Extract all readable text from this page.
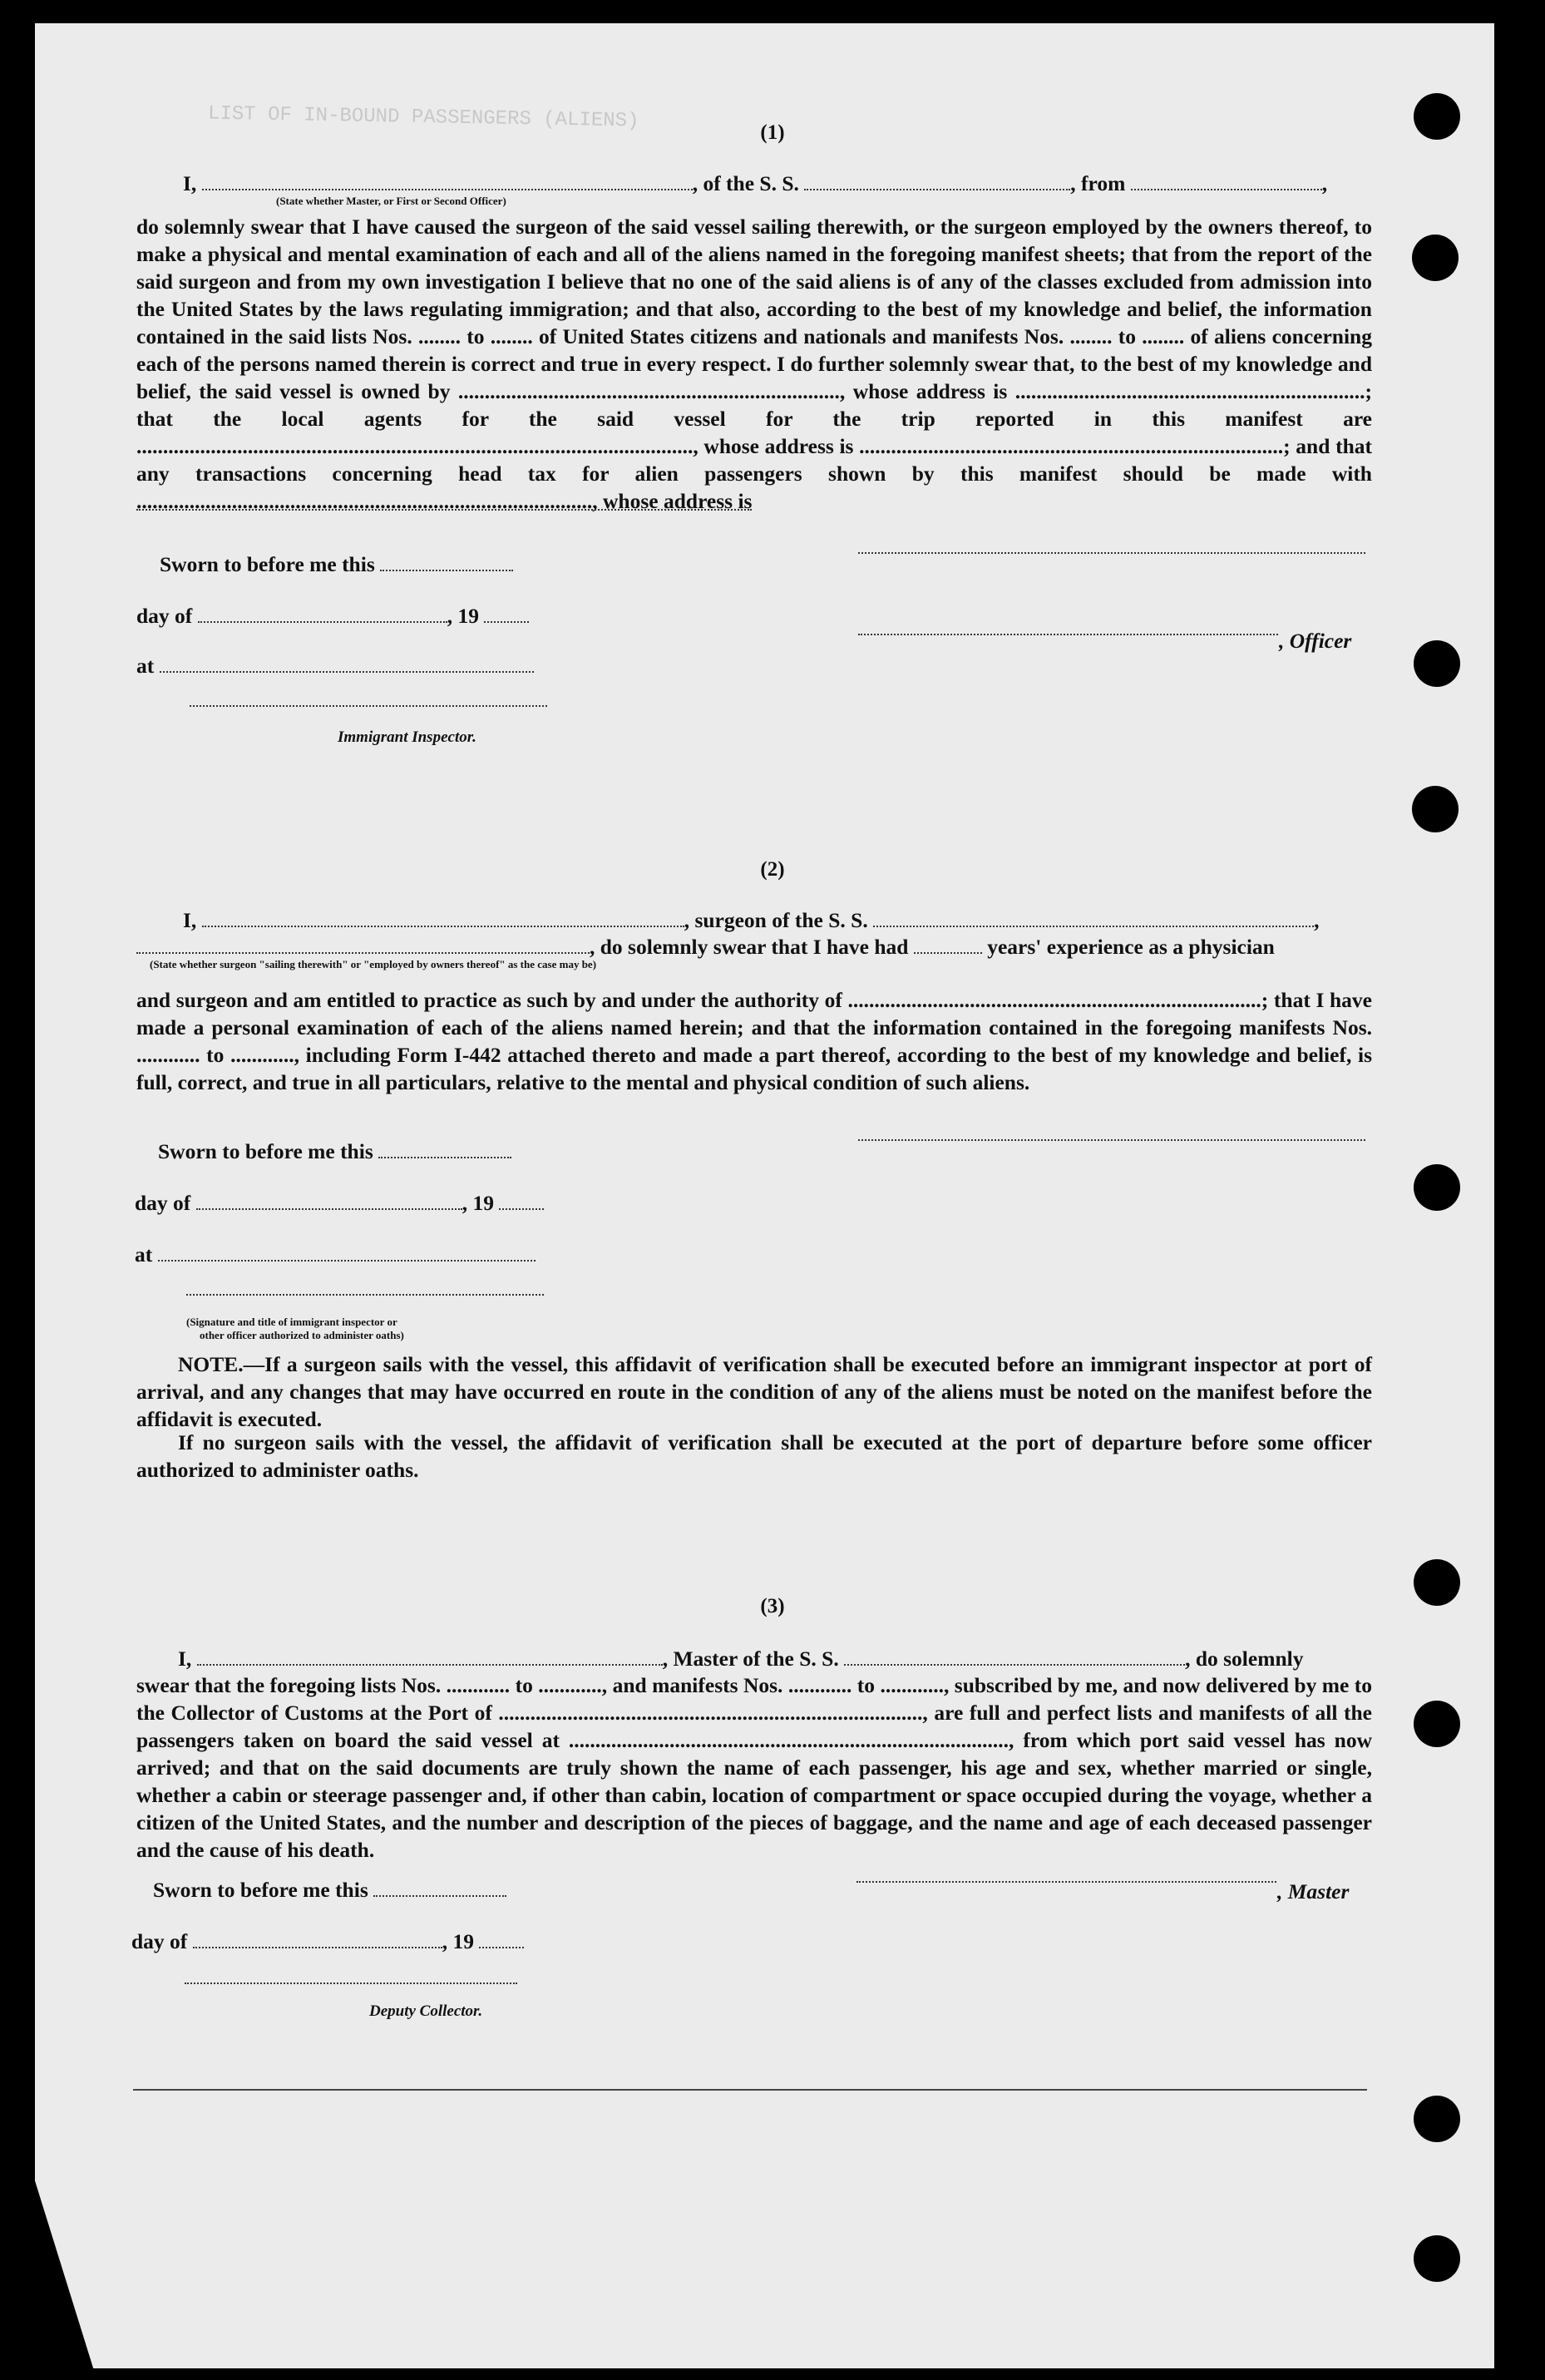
LIST OF IN-BOUND PASSENGERS (ALIENS)	(1)
I,	, of the S. S.	, from	,
(State whether Master, or First or Second Officer)
do solemnly swear that I have caused the surgeon of the said vessel sailing therewith, or the surgeon employed by the owners thereof, to make a physical and mental examination of each and all of the aliens named in the foregoing manifest sheets; that from the report of the said surgeon and from my own investigation I believe that no one of the said aliens is of any of the classes excluded from admission into the United States by the laws regulating immigration; and that also, according to the best of my knowledge and belief, the information contained in the said lists Nos. ........ to ........ of United States citizens and nationals and manifests Nos. ........ to ........ of aliens concerning each of the persons named therein is correct and true in every respect. I do further solemnly swear that, to the best of my knowledge and belief, the said vessel is owned by ........................................................................, whose address is ..................................................................; that the local agents for the said vessel for the trip reported in this manifest are ........................................................................................................., whose address is ................................................................................; and that any transactions concerning head tax for alien passengers shown by this manifest should be made with ......................................................................................, whose address is
Sworn to before me this
day of	, 19
, Officer
at
Immigrant Inspector.
(2)
I,	, surgeon of the S. S.	,
, do solemnly swear that I have had	years' experience as a physician
(State whether surgeon "sailing therewith" or "employed by owners thereof" as the case may be)
and surgeon and am entitled to practice as such by and under the authority of ..............................................................................; that I have made a personal examination of each of the aliens named herein; and that the information contained in the foregoing manifests Nos. ............ to ............, including Form I-442 attached thereto and made a part thereof, according to the best of my knowledge and belief, is full, correct, and true in all particulars, relative to the mental and physical condition of such aliens.
Sworn to before me this
day of	, 19
at
(Signature and title of immigrant inspector or
other officer authorized to administer oaths)
NOTE.—If a surgeon sails with the vessel, this affidavit of verification shall be executed before an immigrant inspector at port of arrival, and any changes that may have occurred en route in the condition of any of the aliens must be noted on the manifest before the affidavit is executed.
If no surgeon sails with the vessel, the affidavit of verification shall be executed at the port of departure before some officer authorized to administer oaths.
(3)
I,	, Master of the S. S.	, do solemnly
swear that the foregoing lists Nos. ............ to ............, and manifests Nos. ............ to ............, subscribed by me, and now delivered by me to the Collector of Customs at the Port of ................................................................................, are full and perfect lists and manifests of all the passengers taken on board the said vessel at ..................................................................................., from which port said vessel has now arrived; and that on the said documents are truly shown the name of each passenger, his age and sex, whether married or single, whether a cabin or steerage passenger and, if other than cabin, location of compartment or space occupied during the voyage, whether a citizen of the United States, and the number and description of the pieces of baggage, and the name and age of each deceased passenger and the cause of his death.
Sworn to before me this	, Master
day of	, 19
Deputy Collector.
